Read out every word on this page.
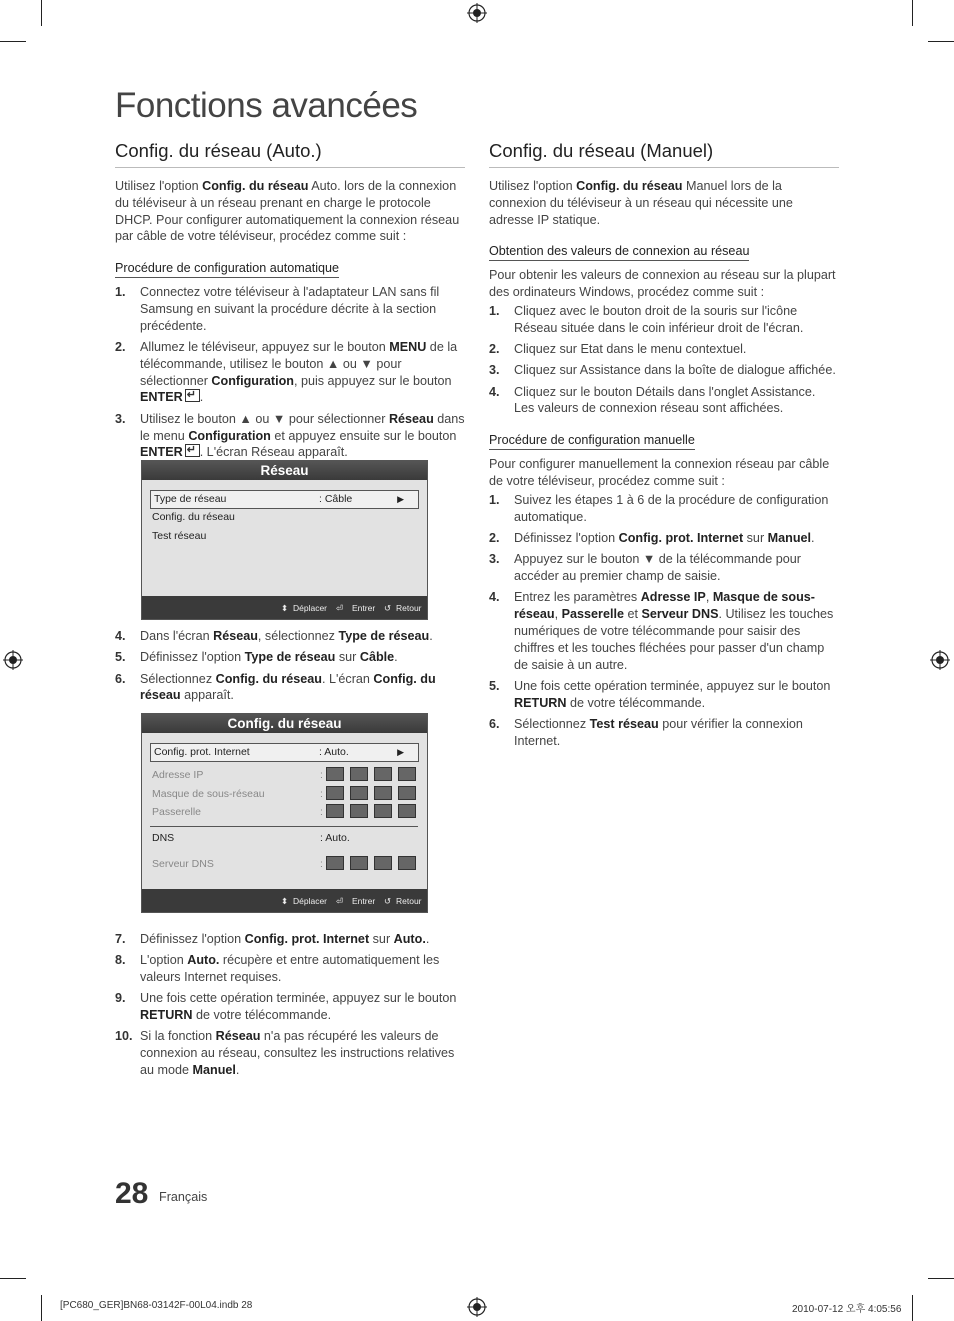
Fonctions avancées
Config. du réseau (Auto.)

Utilisez l'option Config. du réseau Auto. lors de la connexion du téléviseur à un réseau prenant en charge le protocole DHCP. Pour configurer automatiquement la connexion réseau par câble de votre téléviseur, procédez comme suit :

Procédure de configuration automatique
1. Connectez votre téléviseur à l'adaptateur LAN sans fil Samsung en suivant la procédure décrite à la section précédente.
2. Allumez le téléviseur, appuyez sur le bouton MENU de la télécommande, utilisez le bouton ▲ ou ▼ pour sélectionner Configuration, puis appuyez sur le bouton ENTER ↵ .
3. Utilisez le bouton ▲ ou ▼ pour sélectionner Réseau dans le menu Configuration et appuyez ensuite sur le bouton ENTER ↵ . L'écran Réseau apparaît.
Réseau
Type de réseau	: Câble	▶
Config. du réseau
Test réseau
⬍ Déplacer ⏎ Entrer ↺ Retour
4. Dans l'écran Réseau, sélectionnez Type de réseau.
5. Définissez l'option Type de réseau sur Câble.
6. Sélectionnez Config. du réseau. L'écran Config. du réseau apparaît.
Config. du réseau
Config. prot. Internet	: Auto.	▶
Adresse IP	:
Masque de sous-réseau	:
Passerelle	:
DNS	: Auto.
Serveur DNS	:
⬍ Déplacer ⏎ Entrer ↺ Retour
7. Définissez l'option Config. prot. Internet sur Auto..
8. L'option Auto. récupère et entre automatiquement les valeurs Internet requises.
9. Une fois cette opération terminée, appuyez sur le bouton RETURN de votre télécommande.
10. Si la fonction Réseau n'a pas récupéré les valeurs de connexion au réseau, consultez les instructions relatives au mode Manuel.
Config. du réseau (Manuel)

Utilisez l'option Config. du réseau Manuel lors de la connexion du téléviseur à un réseau qui nécessite une adresse IP statique.

Obtention des valeurs de connexion au réseau

Pour obtenir les valeurs de connexion au réseau sur la plupart des ordinateurs Windows, procédez comme suit :

1. Cliquez avec le bouton droit de la souris sur l'icône Réseau située dans le coin inférieur droit de l'écran.
2. Cliquez sur Etat dans le menu contextuel.
3. Cliquez sur Assistance dans la boîte de dialogue affichée.
4. Cliquez sur le bouton Détails dans l'onglet Assistance. Les valeurs de connexion réseau sont affichées.
Procédure de configuration manuelle

Pour configurer manuellement la connexion réseau par câble de votre téléviseur, procédez comme suit :

1. Suivez les étapes 1 à 6 de la procédure de configuration automatique.
2. Définissez l'option Config. prot. Internet sur Manuel.
3. Appuyez sur le bouton ▼ de la télécommande pour accéder au premier champ de saisie.
4. Entrez les paramètres Adresse IP, Masque de sous-réseau, Passerelle et Serveur DNS. Utilisez les touches numériques de votre télécommande pour saisir des chiffres et les touches fléchées pour passer d'un champ de saisie à un autre.
5. Une fois cette opération terminée, appuyez sur le bouton RETURN de votre télécommande.
6. Sélectionnez Test réseau pour vérifier la connexion Internet.
28 Français
[PC680_GER]BN68-03142F-00L04.indb 28	2010-07-12 오후 4:05:56
